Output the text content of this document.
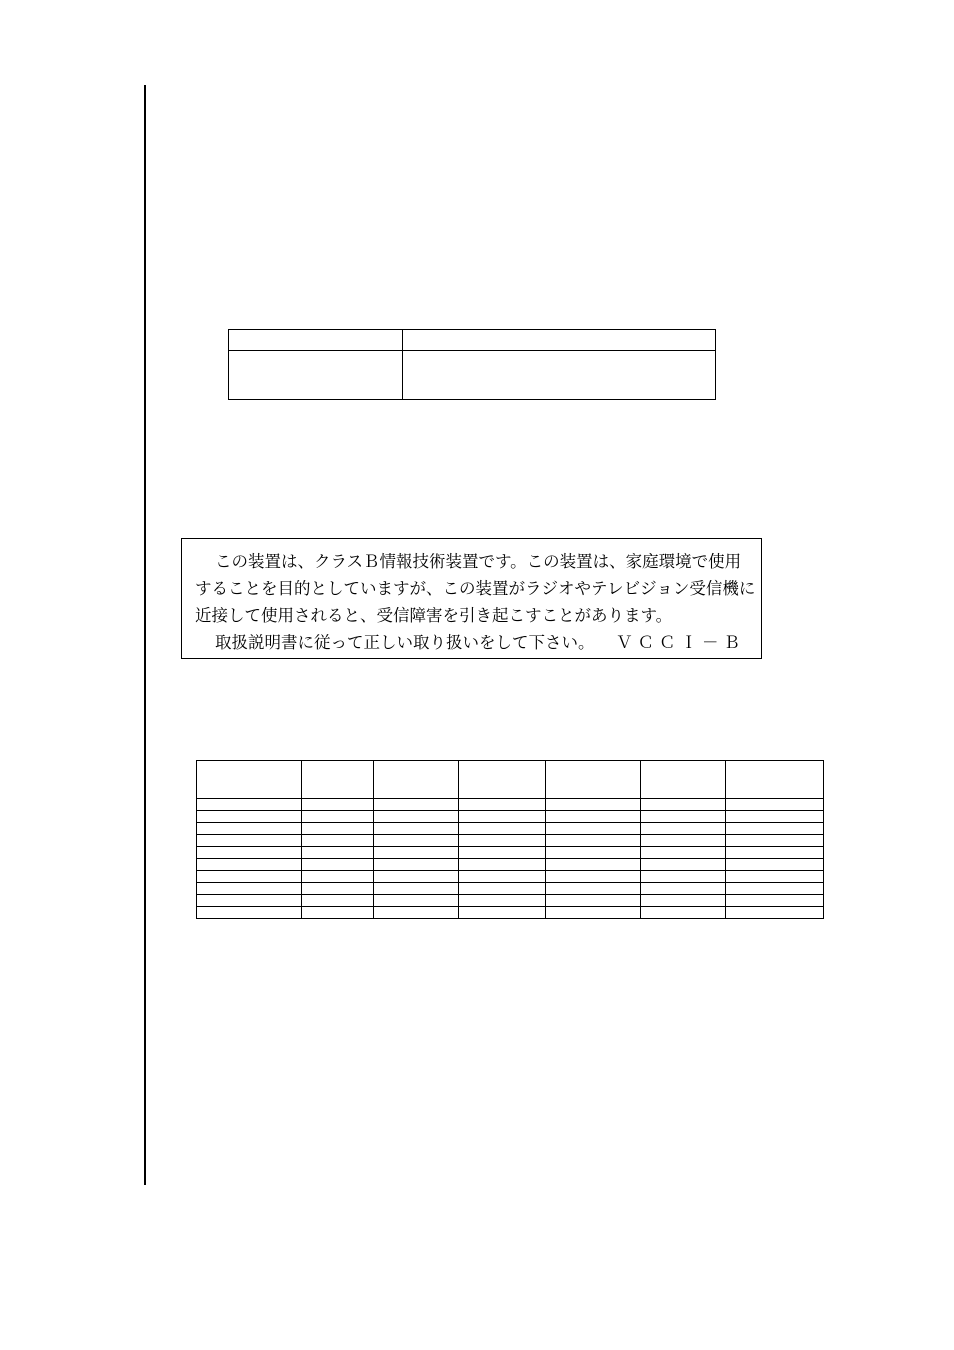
この装置は、クラスＢ情報技術装置です。この装置は、家庭環境で使用
することを目的としていますが、この装置がラジオやテレビジョン受信機に
近接して使用されると、受信障害を引き起こすことがあります。
取扱説明書に従って正しい取り扱いをして下さい。	ＶＣＣＩ－Ｂ
